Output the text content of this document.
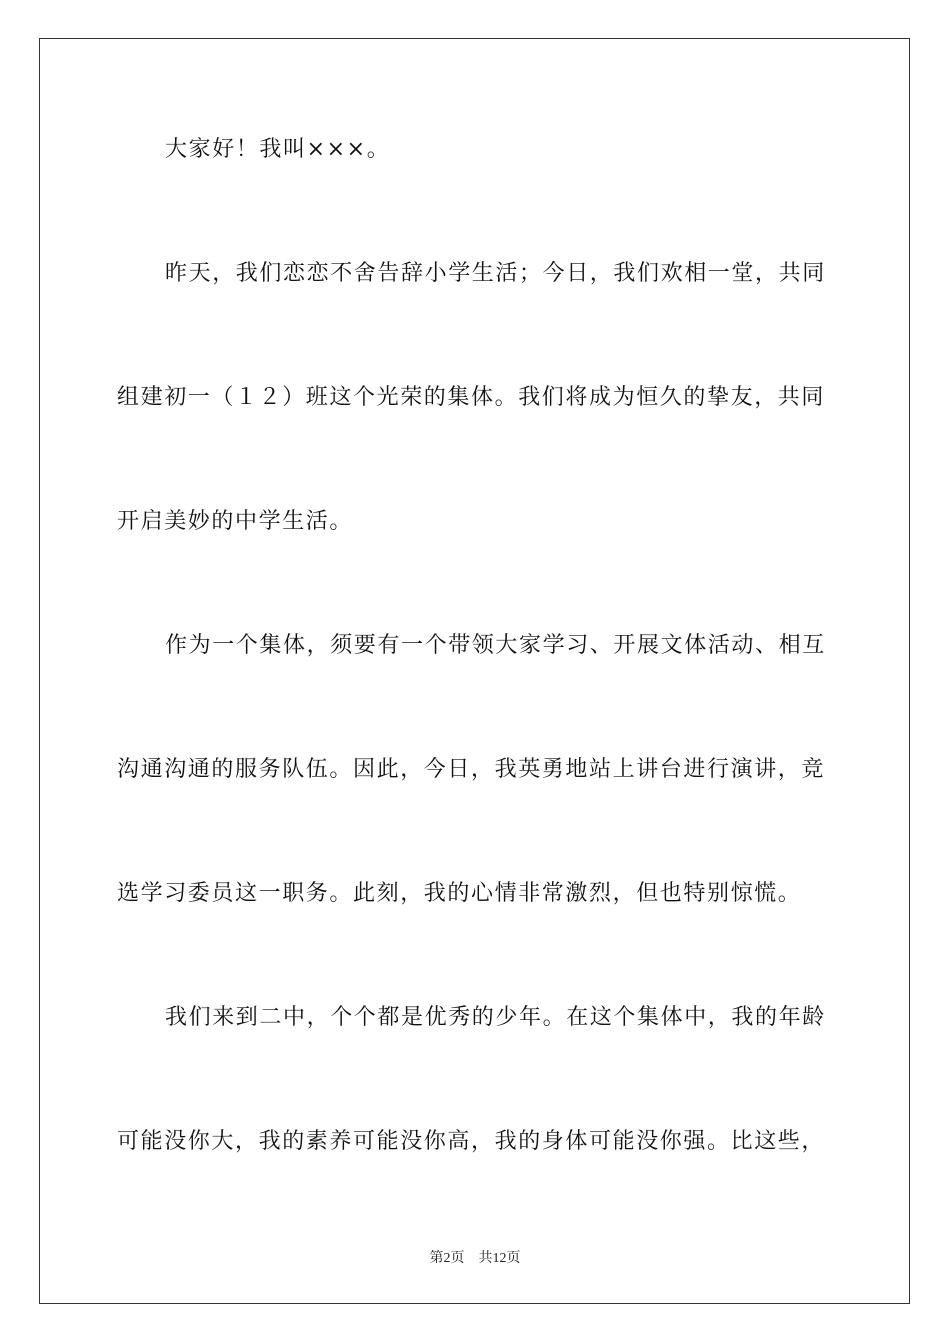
大家好！我叫×××。
昨天，我们恋恋不舍告辞小学生活；今日，我们欢相一堂，共同
组建初一（１２）班这个光荣的集体。我们将成为恒久的挚友，共同
开启美妙的中学生活。
作为一个集体，须要有一个带领大家学习、开展文体活动、相互
沟通沟通的服务队伍。因此，今日，我英勇地站上讲台进行演讲，竞
选学习委员这一职务。此刻，我的心情非常激烈，但也特别惊慌。
我们来到二中，个个都是优秀的少年。在这个集体中，我的年龄
可能没你大，我的素养可能没你高，我的身体可能没你强。比这些，
第2页 共12页
